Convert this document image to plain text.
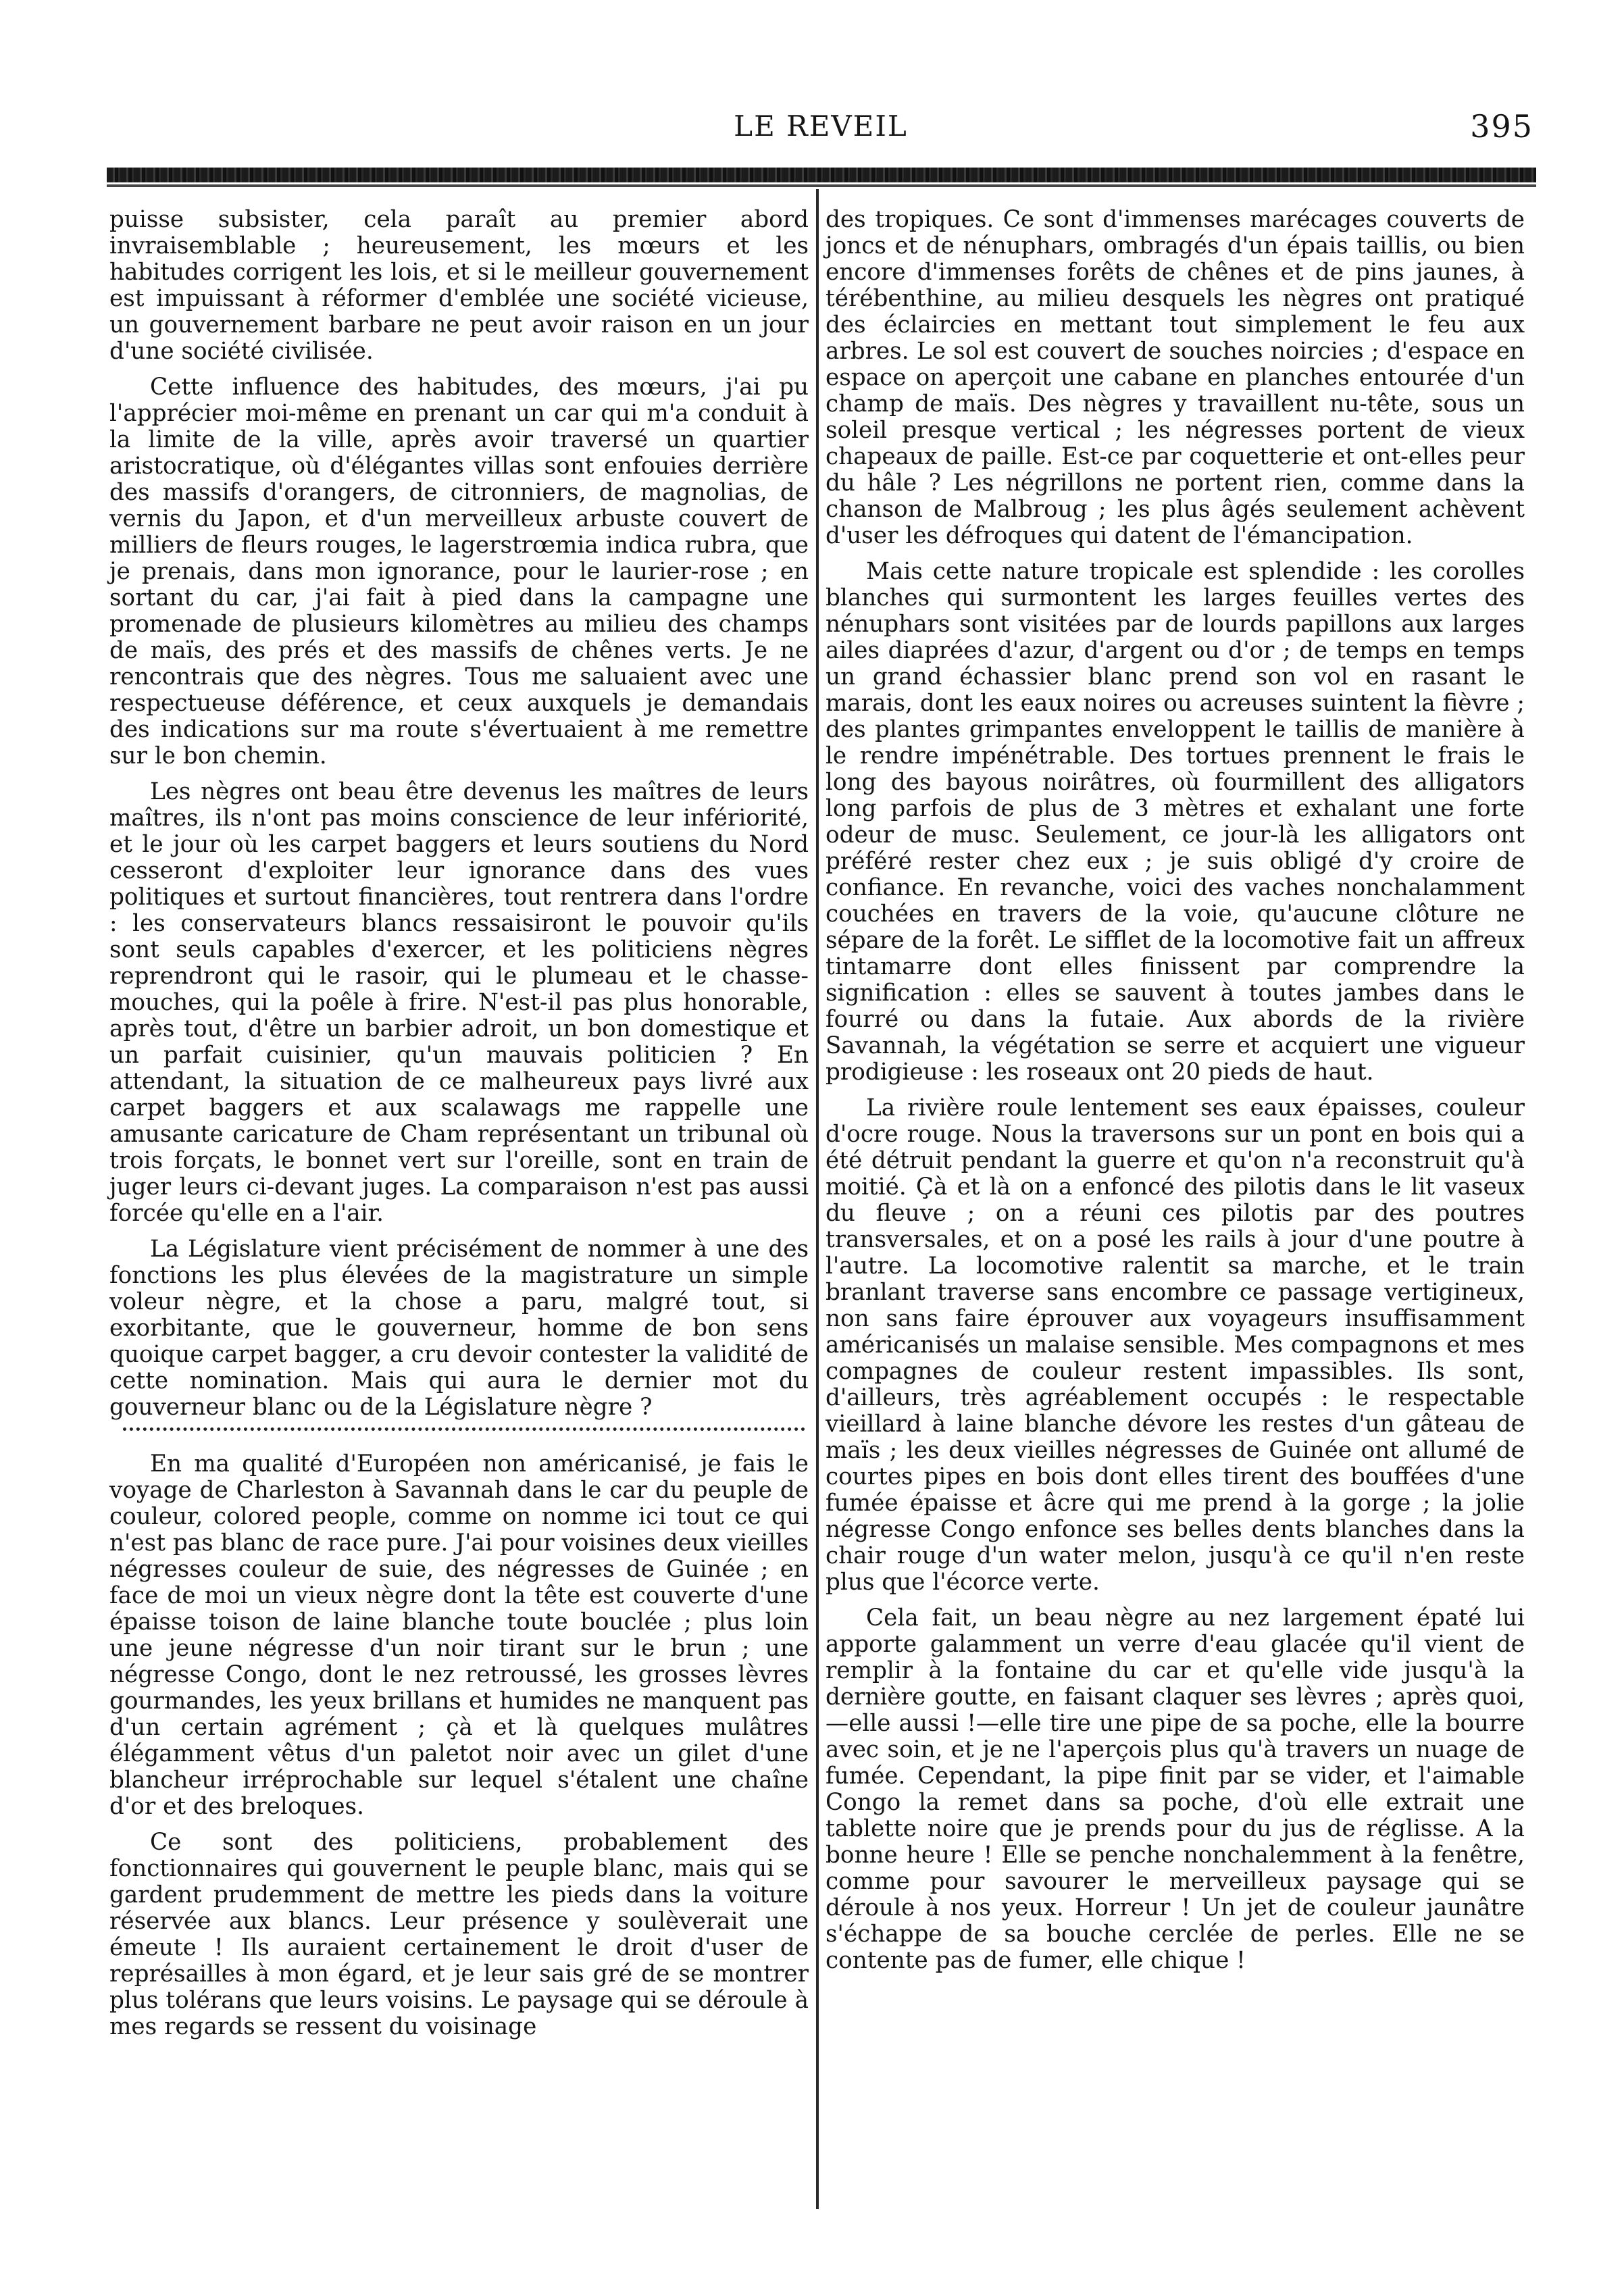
LE REVEIL	395

puisse subsister, cela paraît au premier abord invraisemblable ; heureusement, les mœurs et les habitudes corrigent les lois, et si le meilleur gouvernement est impuissant à réformer d'emblée une société vicieuse, un gouvernement barbare ne peut avoir raison en un jour d'une société civilisée.

Cette influence des habitudes, des mœurs, j'ai pu l'apprécier moi-même en prenant un car qui m'a conduit à la limite de la ville, après avoir traversé un quartier aristocratique, où d'élégantes villas sont enfouies derrière des massifs d'orangers, de citronniers, de magnolias, de vernis du Japon, et d'un merveilleux arbuste couvert de milliers de fleurs rouges, le lagerstrœmia indica rubra, que je prenais, dans mon ignorance, pour le laurier-rose ; en sortant du car, j'ai fait à pied dans la campagne une promenade de plusieurs kilomètres au milieu des champs de maïs, des prés et des massifs de chênes verts. Je ne rencontrais que des nègres. Tous me saluaient avec une respectueuse déférence, et ceux auxquels je demandais des indications sur ma route s'évertuaient à me remettre sur le bon chemin.

Les nègres ont beau être devenus les maîtres de leurs maîtres, ils n'ont pas moins conscience de leur infériorité, et le jour où les carpet baggers et leurs soutiens du Nord cesseront d'exploiter leur ignorance dans des vues politiques et surtout financières, tout rentrera dans l'ordre : les conservateurs blancs ressaisiront le pouvoir qu'ils sont seuls capables d'exercer, et les politiciens nègres reprendront qui le rasoir, qui le plumeau et le chasse-mouches, qui la poêle à frire. N'est-il pas plus honorable, après tout, d'être un barbier adroit, un bon domestique et un parfait cuisinier, qu'un mauvais politicien ? En attendant, la situation de ce malheureux pays livré aux carpet baggers et aux scalawags me rappelle une amusante caricature de Cham représentant un tribunal où trois forçats, le bonnet vert sur l'oreille, sont en train de juger leurs ci-devant juges. La comparaison n'est pas aussi forcée qu'elle en a l'air.

La Législature vient précisément de nommer à une des fonctions les plus élevées de la magistrature un simple voleur nègre, et la chose a paru, malgré tout, si exorbitante, que le gouverneur, homme de bon sens quoique carpet bagger, a cru devoir contester la validité de cette nomination. Mais qui aura le dernier mot du gouverneur blanc ou de la Législature nègre ?

En ma qualité d'Européen non américanisé, je fais le voyage de Charleston à Savannah dans le car du peuple de couleur, colored people, comme on nomme ici tout ce qui n'est pas blanc de race pure. J'ai pour voisines deux vieilles négresses couleur de suie, des négresses de Guinée ; en face de moi un vieux nègre dont la tête est couverte d'une épaisse toison de laine blanche toute bouclée ; plus loin une jeune négresse d'un noir tirant sur le brun ; une négresse Congo, dont le nez retroussé, les grosses lèvres gourmandes, les yeux brillans et humides ne manquent pas d'un certain agrément ; çà et là quelques mulâtres élégamment vêtus d'un paletot noir avec un gilet d'une blancheur irréprochable sur lequel s'étalent une chaîne d'or et des breloques.

Ce sont des politiciens, probablement des fonctionnaires qui gouvernent le peuple blanc, mais qui se gardent prudemment de mettre les pieds dans la voiture réservée aux blancs. Leur présence y soulèverait une émeute ! Ils auraient certainement le droit d'user de représailles à mon égard, et je leur sais gré de se montrer plus tolérans que leurs voisins. Le paysage qui se déroule à mes regards se ressent du voisinage

des tropiques. Ce sont d'immenses marécages couverts de joncs et de nénuphars, ombragés d'un épais taillis, ou bien encore d'immenses forêts de chênes et de pins jaunes, à térébenthine, au milieu desquels les nègres ont pratiqué des éclaircies en mettant tout simplement le feu aux arbres. Le sol est couvert de souches noircies ; d'espace en espace on aperçoit une cabane en planches entourée d'un champ de maïs. Des nègres y travaillent nu-tête, sous un soleil presque vertical ; les négresses portent de vieux chapeaux de paille. Est-ce par coquetterie et ont-elles peur du hâle ? Les négrillons ne portent rien, comme dans la chanson de Malbroug ; les plus âgés seulement achèvent d'user les défroques qui datent de l'émancipation.

Mais cette nature tropicale est splendide : les corolles blanches qui surmontent les larges feuilles vertes des nénuphars sont visitées par de lourds papillons aux larges ailes diaprées d'azur, d'argent ou d'or ; de temps en temps un grand échassier blanc prend son vol en rasant le marais, dont les eaux noires ou acreuses suintent la fièvre ; des plantes grimpantes enveloppent le taillis de manière à le rendre impénétrable. Des tortues prennent le frais le long des bayous noirâtres, où fourmillent des alligators long parfois de plus de 3 mètres et exhalant une forte odeur de musc. Seulement, ce jour-là les alligators ont préféré rester chez eux ; je suis obligé d'y croire de confiance. En revanche, voici des vaches nonchalamment couchées en travers de la voie, qu'aucune clôture ne sépare de la forêt. Le sifflet de la locomotive fait un affreux tintamarre dont elles finissent par comprendre la signification : elles se sauvent à toutes jambes dans le fourré ou dans la futaie. Aux abords de la rivière Savannah, la végétation se serre et acquiert une vigueur prodigieuse : les roseaux ont 20 pieds de haut.

La rivière roule lentement ses eaux épaisses, couleur d'ocre rouge. Nous la traversons sur un pont en bois qui a été détruit pendant la guerre et qu'on n'a reconstruit qu'à moitié. Çà et là on a enfoncé des pilotis dans le lit vaseux du fleuve ; on a réuni ces pilotis par des poutres transversales, et on a posé les rails à jour d'une poutre à l'autre. La locomotive ralentit sa marche, et le train branlant traverse sans encombre ce passage vertigineux, non sans faire éprouver aux voyageurs insuffisamment américanisés un malaise sensible. Mes compagnons et mes compagnes de couleur restent impassibles. Ils sont, d'ailleurs, très agréablement occupés : le respectable vieillard à laine blanche dévore les restes d'un gâteau de maïs ; les deux vieilles négresses de Guinée ont allumé de courtes pipes en bois dont elles tirent des bouffées d'une fumée épaisse et âcre qui me prend à la gorge ; la jolie négresse Congo enfonce ses belles dents blanches dans la chair rouge d'un water melon, jusqu'à ce qu'il n'en reste plus que l'écorce verte.

Cela fait, un beau nègre au nez largement épaté lui apporte galamment un verre d'eau glacée qu'il vient de remplir à la fontaine du car et qu'elle vide jusqu'à la dernière goutte, en faisant claquer ses lèvres ; après quoi,—elle aussi !—elle tire une pipe de sa poche, elle la bourre avec soin, et je ne l'aperçois plus qu'à travers un nuage de fumée. Cependant, la pipe finit par se vider, et l'aimable Congo la remet dans sa poche, d'où elle extrait une tablette noire que je prends pour du jus de réglisse. A la bonne heure ! Elle se penche nonchalemment à la fenêtre, comme pour savourer le merveilleux paysage qui se déroule à nos yeux. Horreur ! Un jet de couleur jaunâtre s'échappe de sa bouche cerclée de perles. Elle ne se contente pas de fumer, elle chique !
